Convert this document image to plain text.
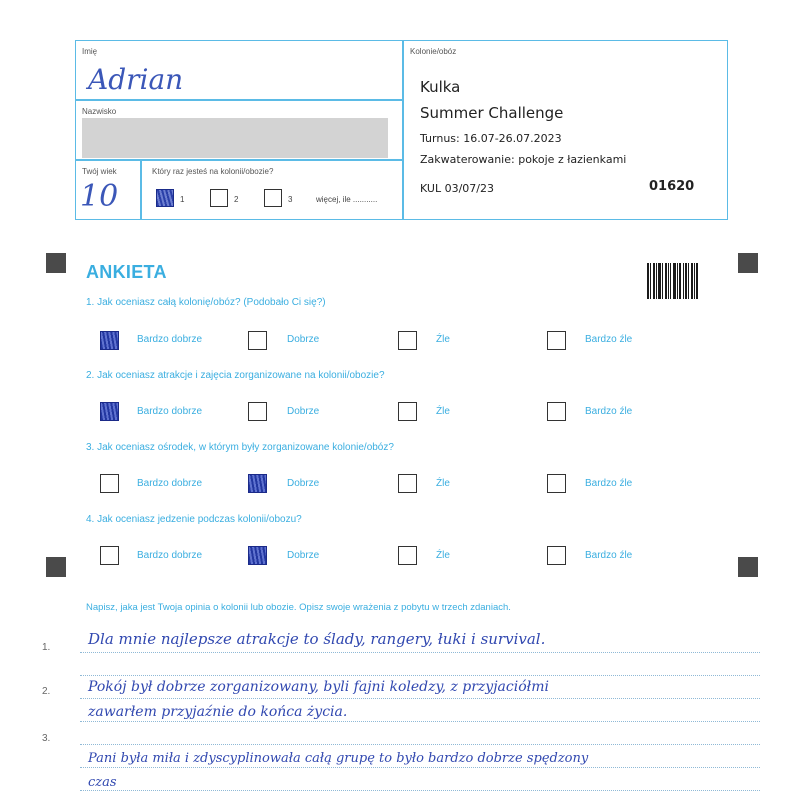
Imię
Adrian
Nazwisko
Twój wiek
10
Który raz jesteś na kolonii/obozie?
1	2	3	więcej, ile ...........
Kolonie/obóz
Kulka
Summer Challenge
Turnus: 16.07-26.07.2023
Zakwaterowanie: pokoje z łazienkami
KUL 03/07/23	01620
ANKIETA
1. Jak oceniasz całą kolonię/obóz? (Podobało Ci się?)
Bardzo dobrze	Dobrze	Źle	Bardzo źle
2. Jak oceniasz atrakcje i zajęcia zorganizowane na kolonii/obozie?
Bardzo dobrze	Dobrze	Źle	Bardzo źle
3. Jak oceniasz ośrodek, w którym były zorganizowane kolonie/obóz?
Bardzo dobrze	Dobrze	Źle	Bardzo źle
4. Jak oceniasz jedzenie podczas kolonii/obozu?
Bardzo dobrze	Dobrze	Źle	Bardzo źle
Napisz, jaka jest Twoja opinia o kolonii lub obozie. Opisz swoje wrażenia z pobytu w trzech zdaniach.
1.
2.
3.
Dla mnie najlepsze atrakcje to ślady, rangery, łuki i survival.
Pokój był dobrze zorganizowany, byli fajni koledzy, z przyjaciółmi
zawarłem przyjaźnie do końca życia.
Pani była miła i zdyscyplinowała całą grupę to było bardzo dobrze spędzony
czas
